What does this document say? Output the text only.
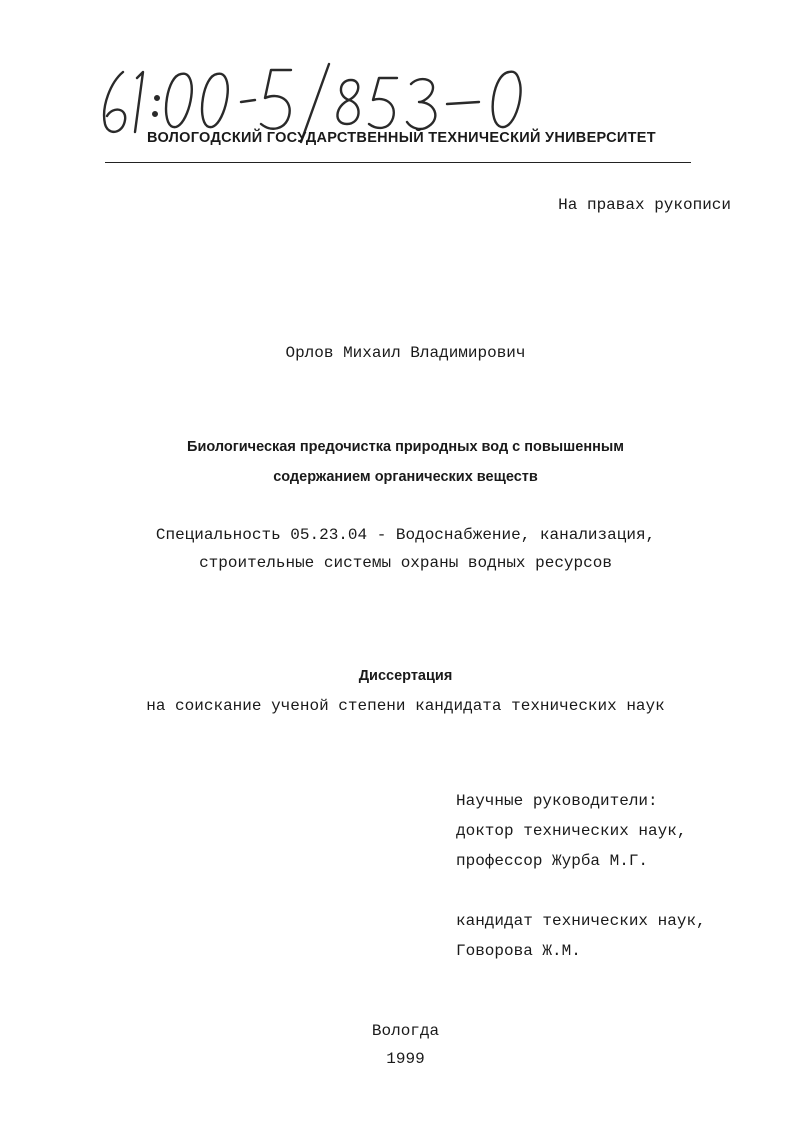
ВОЛОГОДСКИЙ ГОСУДАРСТВЕННЫЙ ТЕХНИЧЕСКИЙ УНИВЕРСИТЕТ
На правах рукописи
Орлов Михаил Владимирович
Биологическая предочистка природных вод с повышенным
содержанием органических веществ
Специальность 05.23.04 - Водоснабжение, канализация,
строительные системы охраны водных ресурсов
Диссертация
на соискание ученой степени кандидата технических наук
Научные руководители:
доктор технических наук,
профессор Журба М.Г.
кандидат технических наук,
Говорова Ж.М.
Вологда
1999
